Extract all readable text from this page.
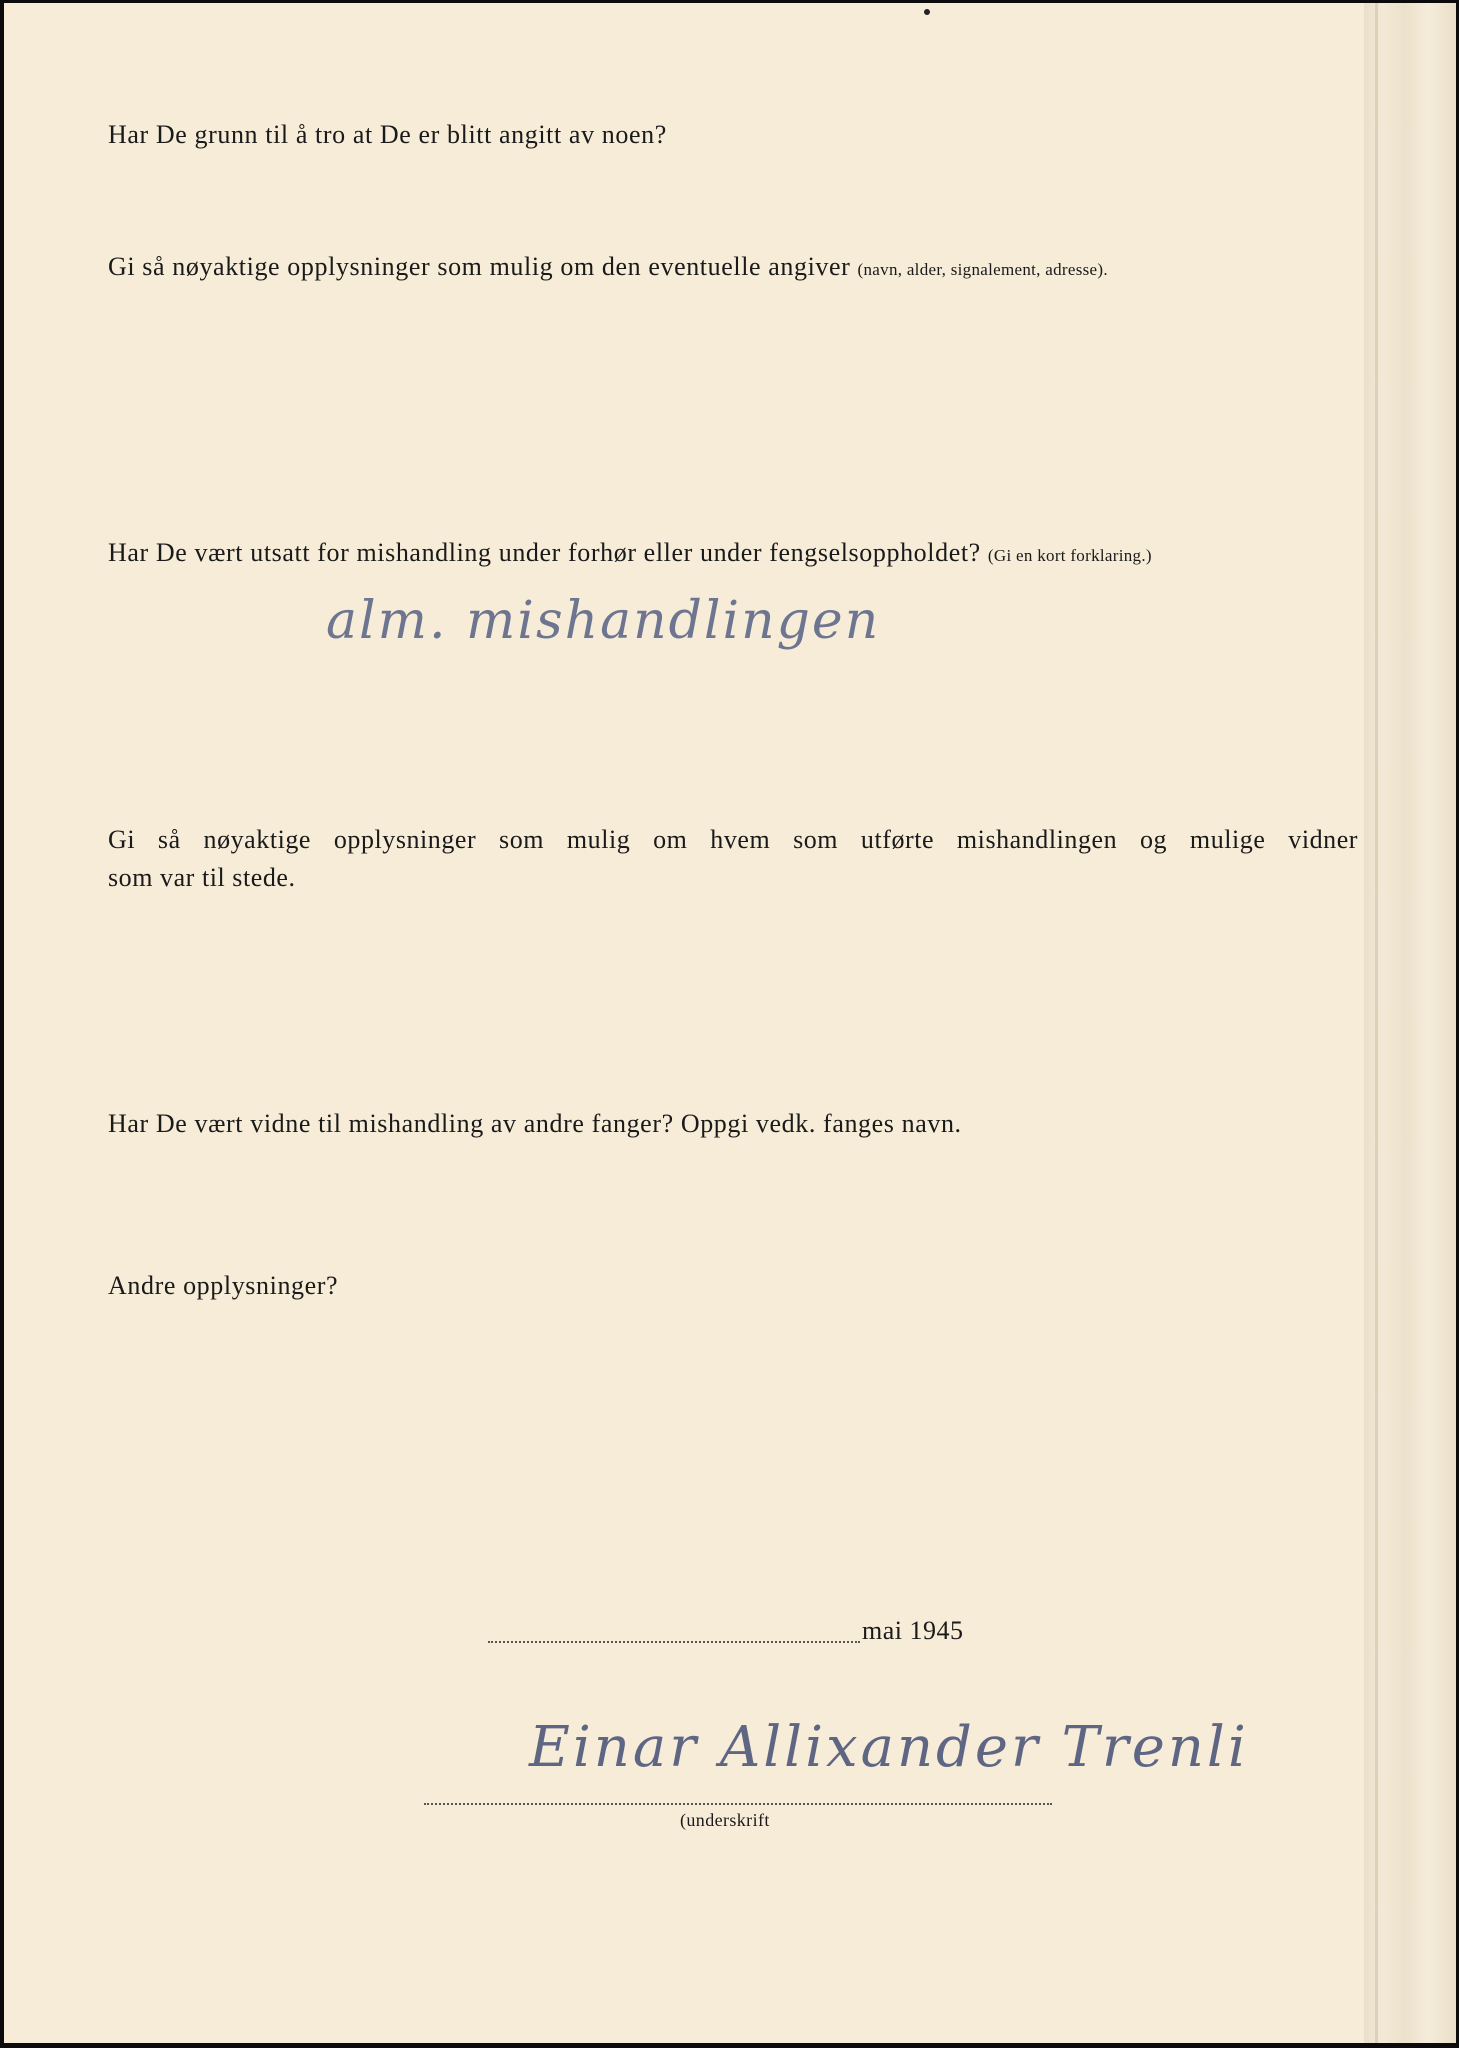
Har De grunn til å tro at De er blitt angitt av noen?
Gi så nøyaktige opplysninger som mulig om den eventuelle angiver (navn, alder, signalement, adresse).
Har De vært utsatt for mishandling under forhør eller under fengselsoppholdet? (Gi en kort forklaring.)
alm. mishandlingen
Gi så nøyaktige opplysninger som mulig om hvem som utførte mishandlingen og mulige vidner
som var til stede.
Har De vært vidne til mishandling av andre fanger? Oppgi vedk. fanges navn.
Andre opplysninger?
mai 1945
Einar Allixander Trenli
(underskrift
